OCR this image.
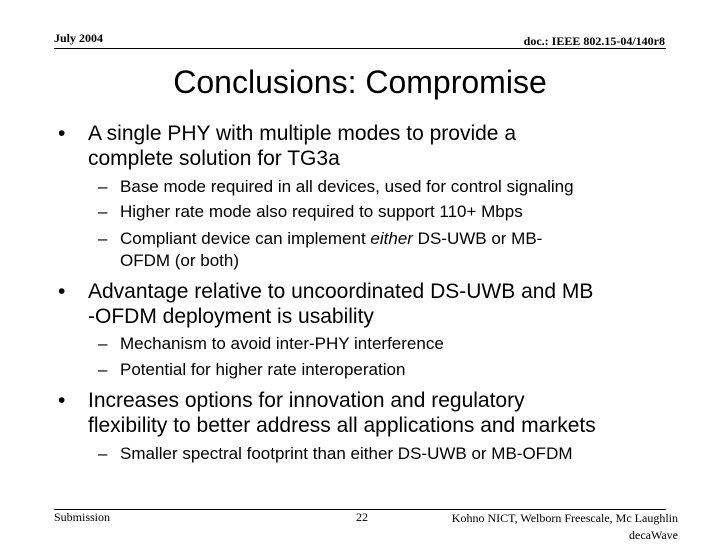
July 2004	doc.: IEEE 802.15-04/140r8
Conclusions: Compromise
• A single PHY with multiple modes to provide a
complete solution for TG3a
– Base mode required in all devices, used for control signaling
– Higher rate mode also required to support 110+ Mbps
– Compliant device can implement either DS-UWB or MB-
OFDM (or both)
• Advantage relative to uncoordinated DS-UWB and MB
-OFDM deployment is usability
– Mechanism to avoid inter-PHY interference
– Potential for higher rate interoperation
• Increases options for innovation and regulatory
flexibility to better address all applications and markets
– Smaller spectral footprint than either DS-UWB or MB-OFDM
Submission	22	Kohno NICT, Welborn Freescale, Mc Laughlin
decaWave
